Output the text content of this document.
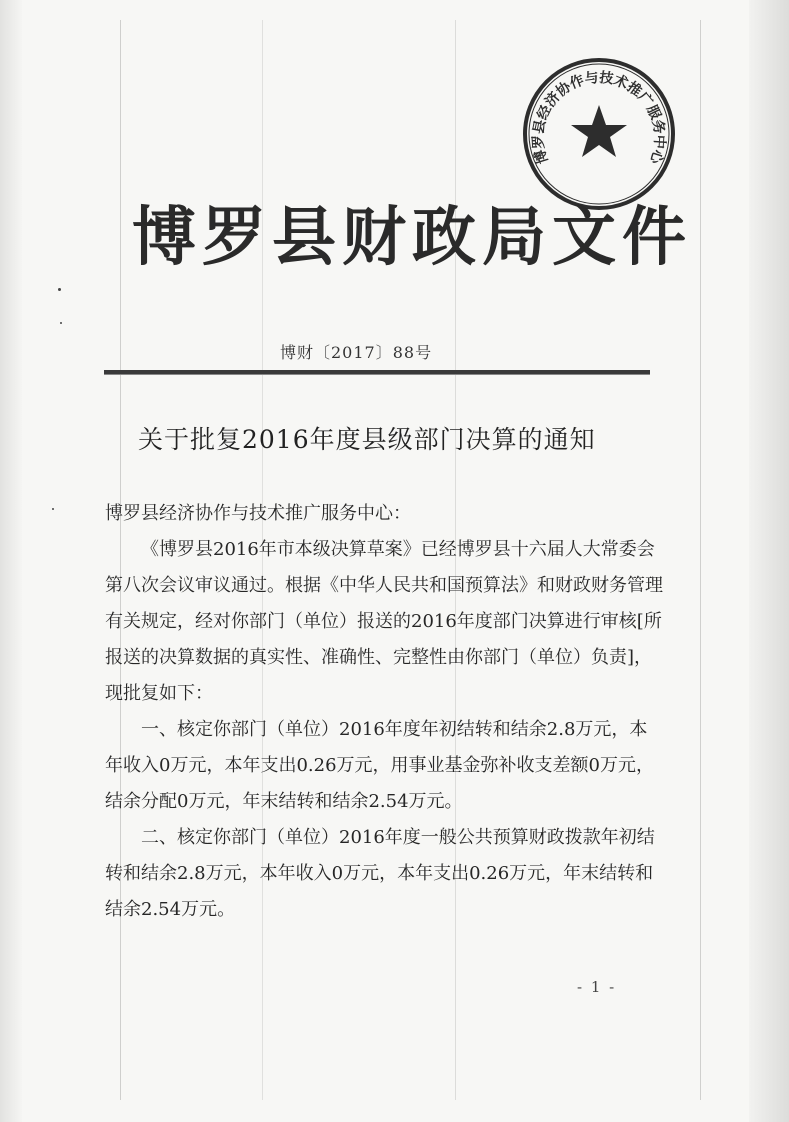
博罗县经济协作与技术推广服务中心
博罗县财政局文件
博财〔2017〕88号
关于批复2016年度县级部门决算的通知

博罗县经济协作与技术推广服务中心：

《博罗县2016年市本级决算草案》已经博罗县十六届人大常委会第八次会议审议通过。根据《中华人民共和国预算法》和财政财务管理有关规定，经对你部门（单位）报送的2016年度部门决算进行审核[所报送的决算数据的真实性、准确性、完整性由你部门（单位）负责]，现批复如下：

一、核定你部门（单位）2016年度年初结转和结余2.8万元，本年收入0万元，本年支出0.26万元，用事业基金弥补收支差额0万元，结余分配0万元，年末结转和结余2.54万元。

二、核定你部门（单位）2016年度一般公共预算财政拨款年初结转和结余2.8万元，本年收入0万元，本年支出0.26万元，年末结转和结余2.54万元。

- 1 -
